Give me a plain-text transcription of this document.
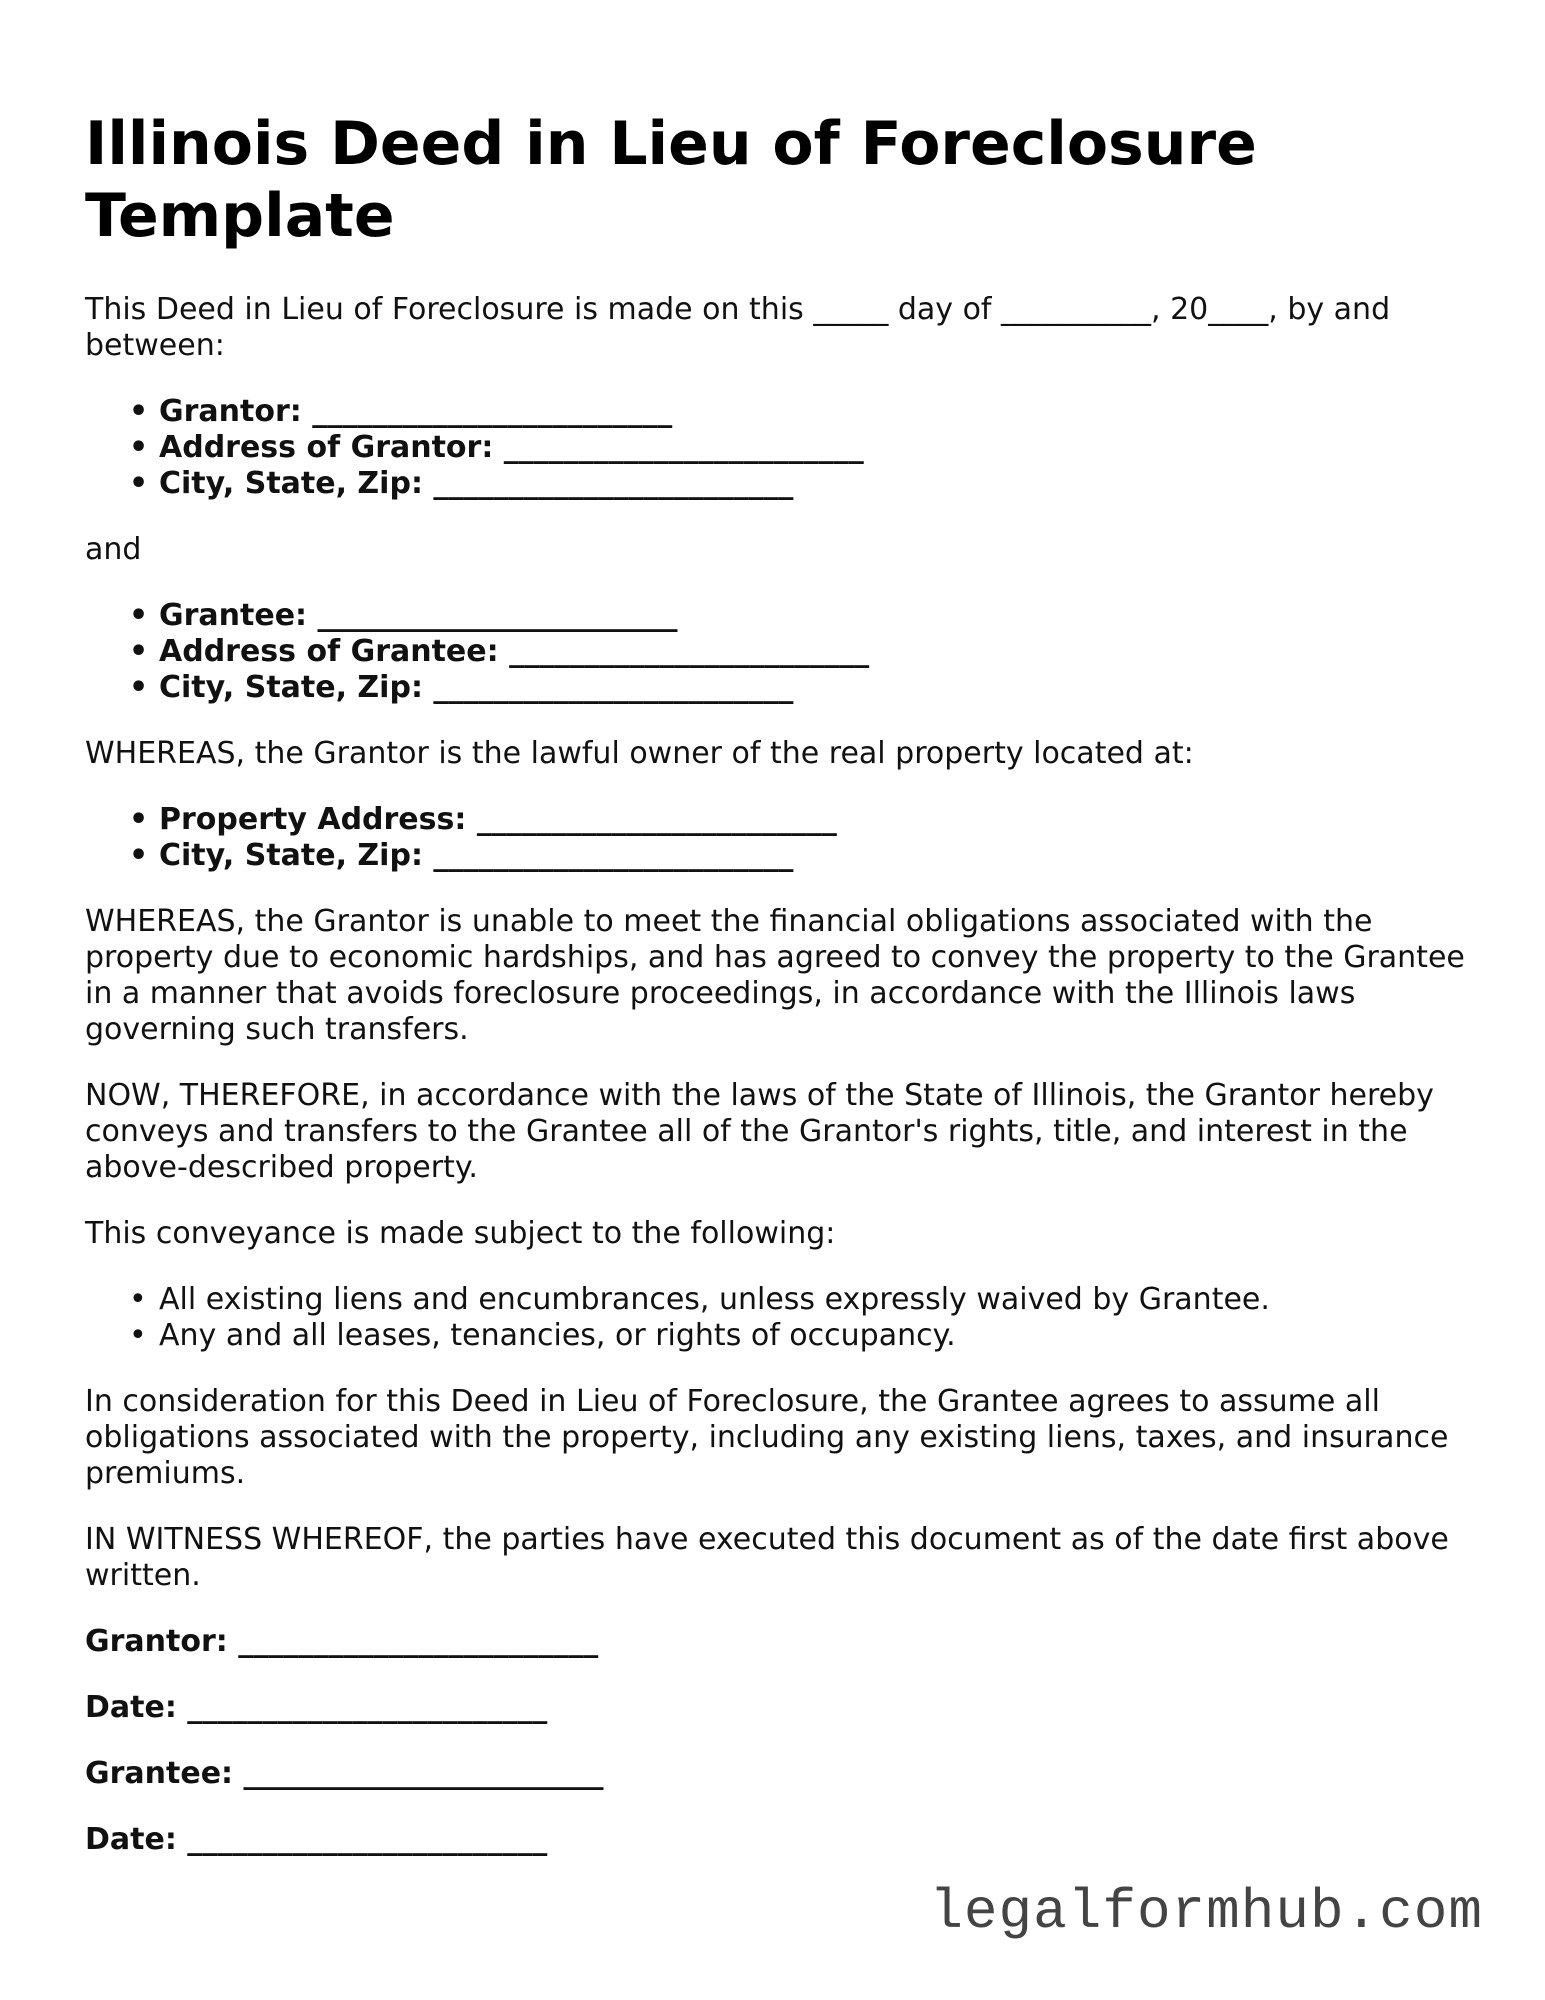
Illinois Deed in Lieu of Foreclosure Template

This Deed in Lieu of Foreclosure is made on this _____ day of __________, 20____, by and between:

• Grantor: ________________________
• Address of Grantor: ________________________
• City, State, Zip: ________________________

and

• Grantee: ________________________
• Address of Grantee: ________________________
• City, State, Zip: ________________________

WHEREAS, the Grantor is the lawful owner of the real property located at:

• Property Address: ________________________
• City, State, Zip: ________________________

WHEREAS, the Grantor is unable to meet the financial obligations associated with the property due to economic hardships, and has agreed to convey the property to the Grantee in a manner that avoids foreclosure proceedings, in accordance with the Illinois laws governing such transfers.

NOW, THEREFORE, in accordance with the laws of the State of Illinois, the Grantor hereby conveys and transfers to the Grantee all of the Grantor's rights, title, and interest in the above-described property.

This conveyance is made subject to the following:

• All existing liens and encumbrances, unless expressly waived by Grantee.
• Any and all leases, tenancies, or rights of occupancy.

In consideration for this Deed in Lieu of Foreclosure, the Grantee agrees to assume all obligations associated with the property, including any existing liens, taxes, and insurance premiums.

IN WITNESS WHEREOF, the parties have executed this document as of the date first above written.

Grantor: ________________________
Date: ________________________
Grantee: ________________________
Date: ________________________
legalformhub.com
